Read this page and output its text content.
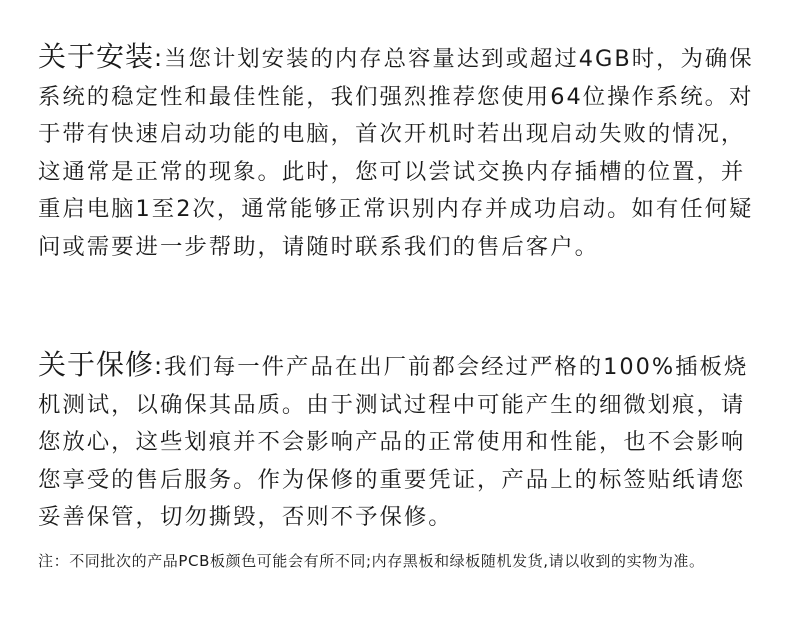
关于安装:当您计划安装的内存总容量达到或超过4GB时，为确保系统的稳定性和最佳性能，我们强烈推荐您使用64位操作系统。对于带有快速启动功能的电脑，首次开机时若出现启动失败的情况，这通常是正常的现象。此时，您可以尝试交换内存插槽的位置，并重启电脑1至2次，通常能够正常识别内存并成功启动。如有任何疑问或需要进一步帮助，请随时联系我们的售后客户。

关于保修:我们每一件产品在出厂前都会经过严格的100%插板烧机测试，以确保其品质。由于测试过程中可能产生的细微划痕，请您放心，这些划痕并不会影响产品的正常使用和性能，也不会影响您享受的售后服务。作为保修的重要凭证，产品上的标签贴纸请您妥善保管，切勿撕毁，否则不予保修。

注：不同批次的产品PCB板颜色可能会有所不同;内存黑板和绿板随机发货,请以收到的实物为准。
